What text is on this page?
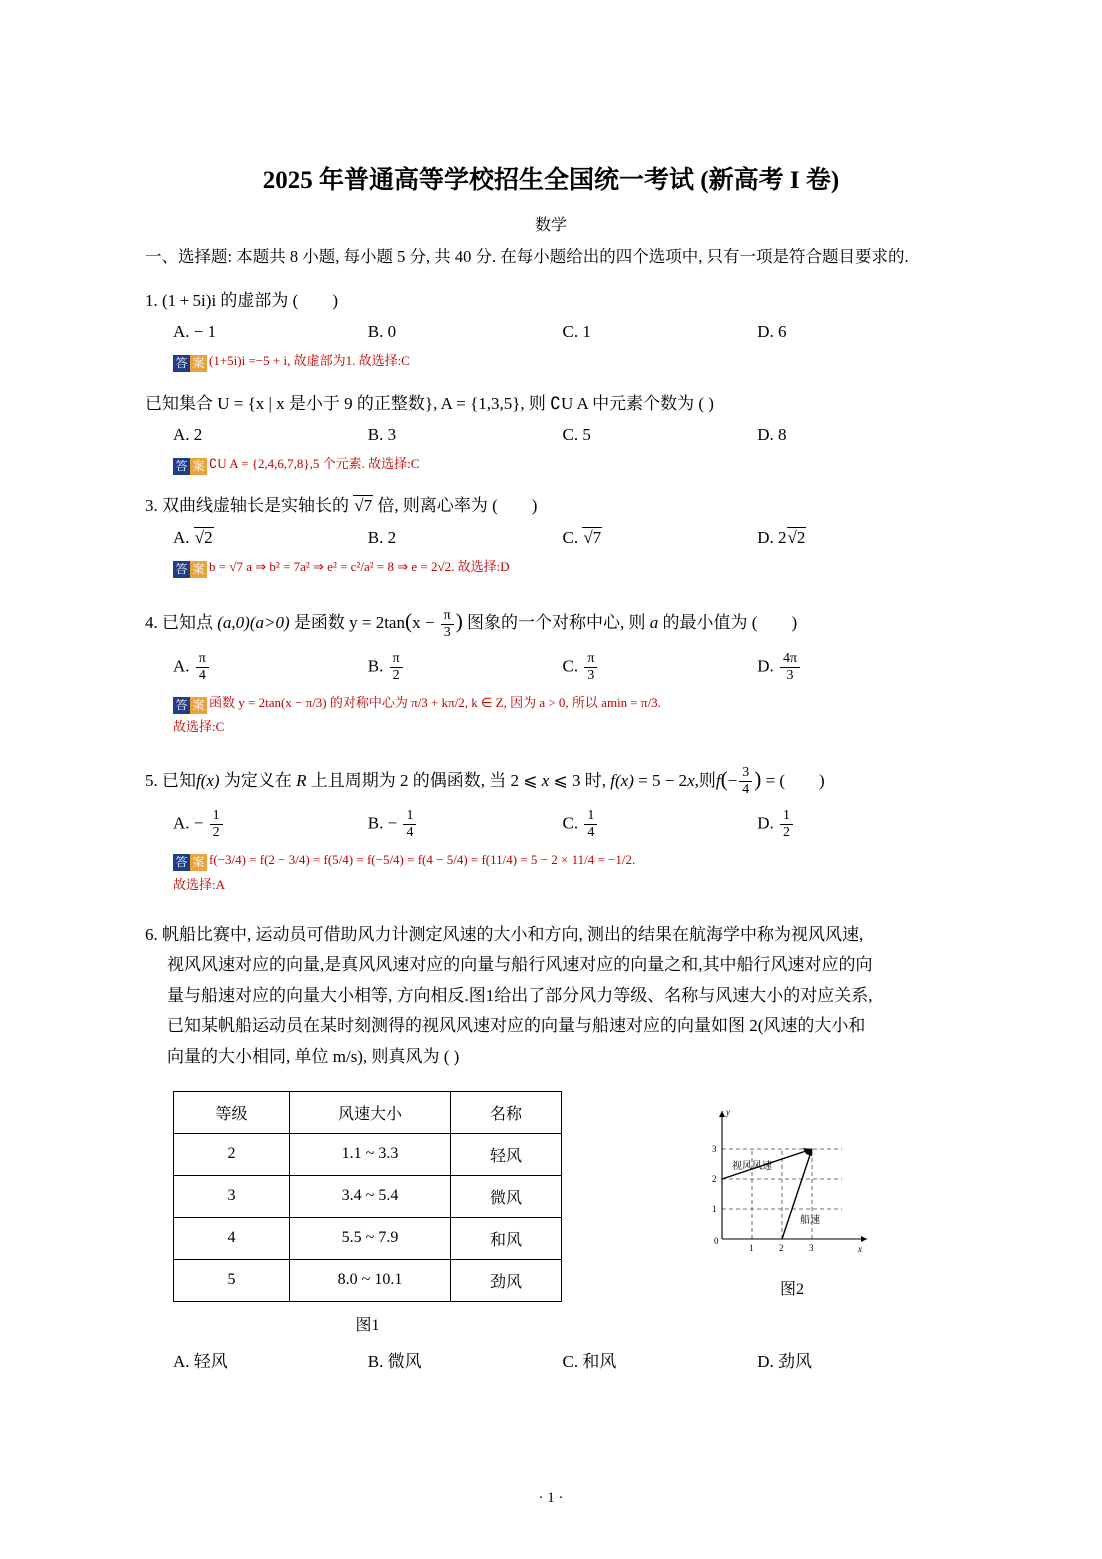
2025 年普通高等学校招生全国统一考试 (新高考 I 卷)
数学
一、选择题: 本题共 8 小题, 每小题 5 分, 共 40 分. 在每小题给出的四个选项中, 只有一项是符合题目要求的.
1. (1 + 5i)i 的虚部为 (  )
A. − 1	B. 0	C. 1	D. 6
答 案 (1+5i)i =−5 + i, 故虚部为1. 故选择:C
已知集合 U = {x | x 是小于 9 的正整数}, A = {1,3,5}, 则 ∁U A 中元素个数为 ( )
A. 2	B. 3	C. 5	D. 8
答 案 ∁U A = {2,4,6,7,8},5 个元素. 故选择:C
3. 双曲线虚轴长是实轴长的 √7 倍, 则离心率为 (  )
A. √2	B. 2	C. √7	D. 2√2
答 案 b = √7 a ⇒ b² = 7a² ⇒ e² = c²/a² = 8 ⇒ e = 2√2. 故选择:D
4. 已知点 (a,0)(a>0) 是函数 $y = 2\tan(x - \frac{\pi}{3}$ ) 图象的一个对称中心, 则 a 的最小值为 (  )
A. $\frac{\pi}{4}$	B. $\frac{\pi}{2}$	C. $\frac{\pi}{3}$	D. $\frac{4\pi}{3}$
答 案 函数 y = 2tan(x − π/3) 的对称中心为 π/3 + kπ/2, k ∈ Z, 因为 a > 0, 所以 amin = π/3.
故选择:C
5. 已知f(x) 为定义在 R 上且周期为 2 的偶函数, 当 2 ⩽ x ⩽ 3 时, f(x) = 5 − 2x,则$f(- \frac{3}{4}$ ) = (  )
A. − $\frac{1}{2}$	B. − $\frac{1}{4}$	C. $\frac{1}{4}$	D. $\frac{1}{2}$
答 案 f(−3/4) = f(2 − 3/4) = f(5/4) = f(−5/4) = f(4 − 5/4) = f(11/4) = 5 − 2 × 11/4 = −1/2.
故选择:A
6. 帆船比赛中, 运动员可借助风力计测定风速的大小和方向, 测出的结果在航海学中称为视风风速,
视风风速对应的向量,是真风风速对应的向量与船行风速对应的向量之和,其中船行风速对应的向
量与船速对应的向量大小相等, 方向相反.图1给出了部分风力等级、名称与风速大小的对应关系,
已知某帆船运动员在某时刻测得的视风风速对应的向量与船速对应的向量如图 2(风速的大小和
向量的大小相同, 单位 m/s), 则真风为 ( )
等级	风速大小	名称
2	1.1 ~ 3.3	轻风
3	3.4 ~ 5.4	微风
4	5.5 ~ 7.9	和风
5	8.0 ~ 10.1	劲风
图1
0
1	2	3
1
2
3
x
y
视风风速
船速
图2
A. 轻风	B. 微风	C. 和风	D. 劲风
· 1 ·
